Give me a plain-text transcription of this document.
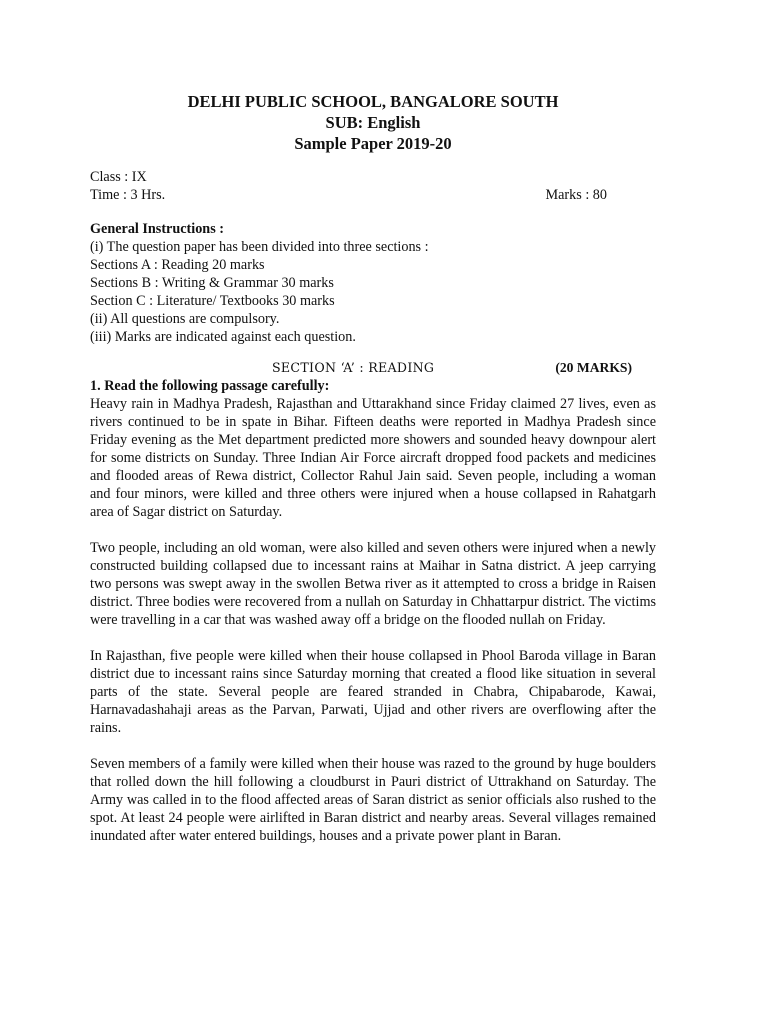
DELHI PUBLIC SCHOOL, BANGALORE SOUTH
SUB: English
Sample Paper 2019-20
Class : IX
Time : 3 Hrs.	Marks : 80
General Instructions :
(i) The question paper has been divided into three sections :
Sections A : Reading 20 marks
Sections B : Writing & Grammar 30 marks
Section C : Literature/ Textbooks 30 marks
(ii) All questions are compulsory.
(iii) Marks are indicated against each question.
SECTION ‘A’ : READING	(20 MARKS)
1. Read the following passage carefully:

Heavy rain in Madhya Pradesh, Rajasthan and Uttarakhand since Friday claimed 27 lives, even as rivers continued to be in spate in Bihar. Fifteen deaths were reported in Madhya Pradesh since Friday evening as the Met department predicted more showers and sounded heavy downpour alert for some districts on Sunday. Three Indian Air Force aircraft dropped food packets and medicines and flooded areas of Rewa district, Collector Rahul Jain said. Seven people, including a woman and four minors, were killed and three others were injured when a house collapsed in Rahatgarh area of Sagar district on Saturday.

Two people, including an old woman, were also killed and seven others were injured when a newly constructed building collapsed due to incessant rains at Maihar in Satna district. A jeep carrying two persons was swept away in the swollen Betwa river as it attempted to cross a bridge in Raisen district. Three bodies were recovered from a nullah on Saturday in Chhattarpur district. The victims were travelling in a car that was washed away off a bridge on the flooded nullah on Friday.

In Rajasthan, five people were killed when their house collapsed in Phool Baroda village in Baran district due to incessant rains since Saturday morning that created a flood like situation in several parts of the state. Several people are feared stranded in Chabra, Chipabarode, Kawai, Harnavadashahaji areas as the Parvan, Parwati, Ujjad and other rivers are overflowing after the rains.

Seven members of a family were killed when their house was razed to the ground by huge boulders that rolled down the hill following a cloudburst in Pauri district of Uttrakhand on Saturday. The Army was called in to the flood affected areas of Saran district as senior officials also rushed to the spot. At least 24 people were airlifted in Baran district and nearby areas. Several villages remained inundated after water entered buildings, houses and a private power plant in Baran.
